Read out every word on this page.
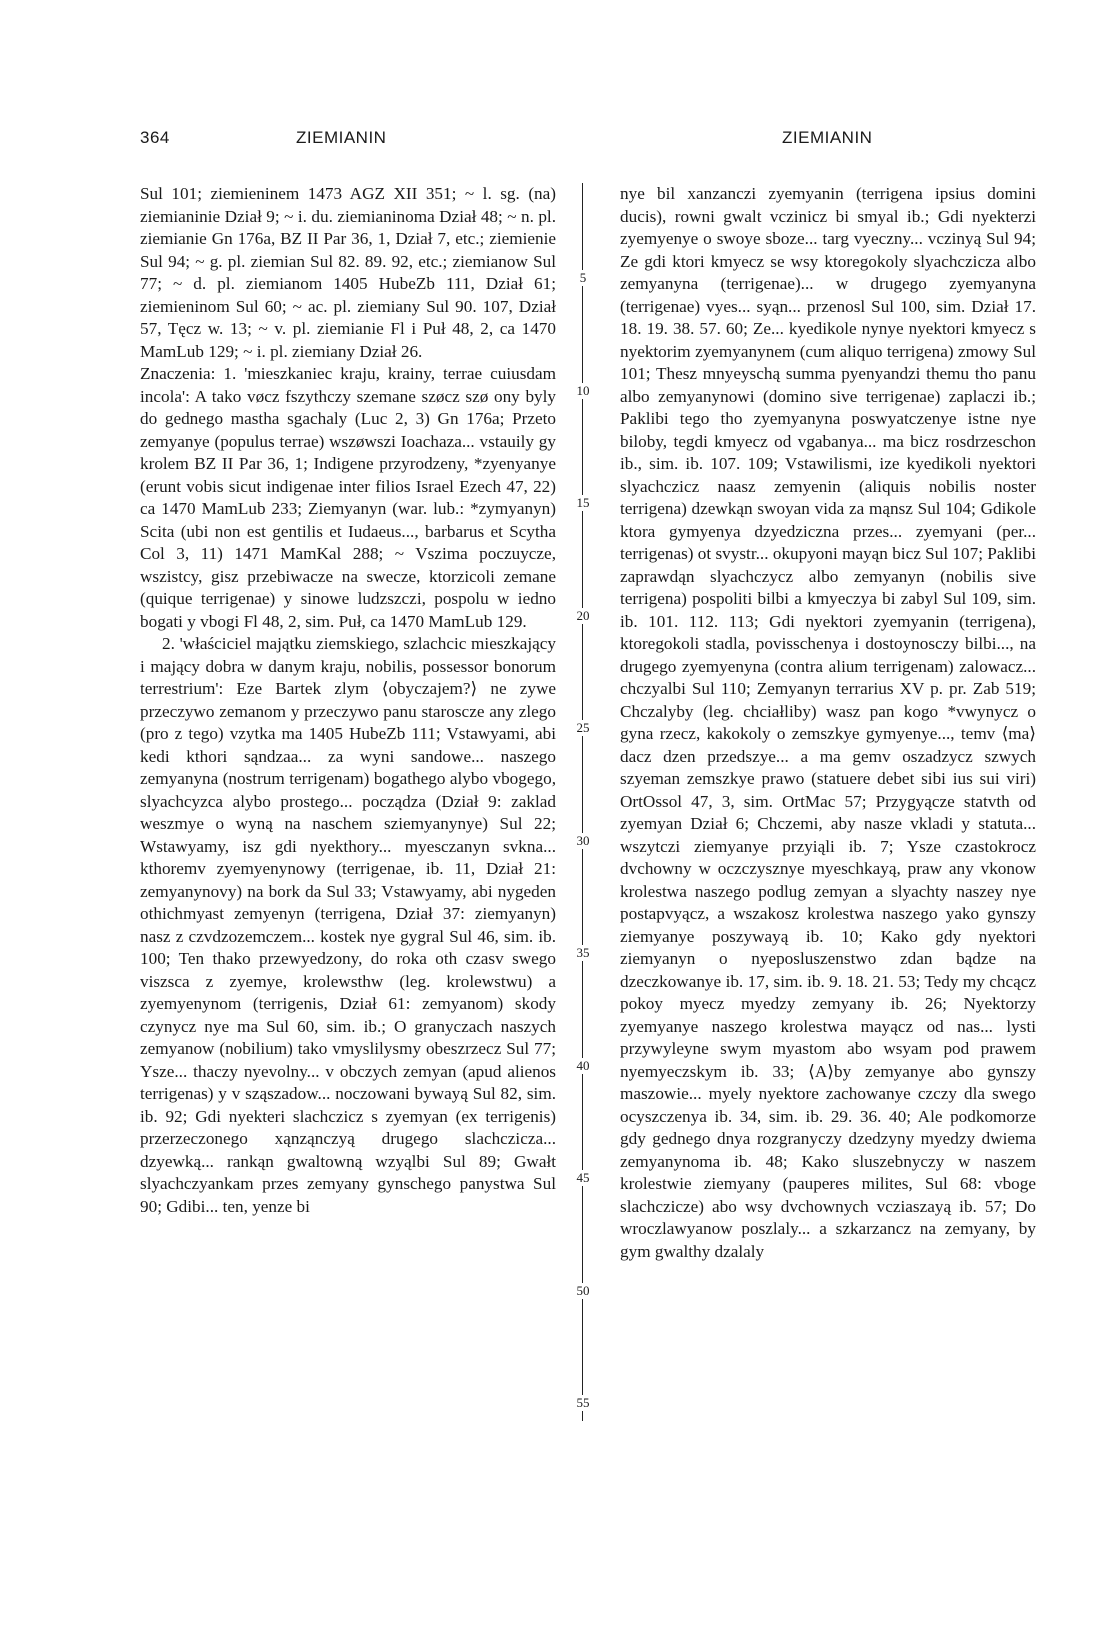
364	ZIEMIANIN	ZIEMIANIN

Sul 101; ziemieninem 1473 AGZ XII 351; ~ l. sg. (na) ziemianinie Dział 9; ~ i. du. ziemianinoma Dział 48; ~ n. pl. ziemianie Gn 176a, BZ II Par 36, 1, Dział 7, etc.; ziemienie Sul 94; ~ g. pl. ziemian Sul 82. 89. 92, etc.; ziemianow Sul 77; ~ d. pl. ziemianom 1405 HubeZb 111, Dział 61; ziemieninom Sul 60; ~ ac. pl. ziemiany Sul 90. 107, Dział 57, Tęcz w. 13; ~ v. pl. ziemianie Fl i Puł 48, 2, ca 1470 MamLub 129; ~ i. pl. ziemiany Dział 26.

Znaczenia: 1. 'mieszkaniec kraju, krainy, terrae cuiusdam incola': A tako vøcz fszythczy szemane szøcz szø ony byly do gednego mastha sgachaly (Luc 2, 3) Gn 176a; Przeto zemyanye (populus terrae) wszøwszi Ioachaza... vstauily gy krolem BZ II Par 36, 1; Indigene przyrodzeny, *zyenyanye (erunt vobis sicut indigenae inter filios Israel Ezech 47, 22) ca 1470 MamLub 233; Ziemyanyn (war. lub.: *zymyanyn) Scita (ubi non est gentilis et Iudaeus..., barbarus et Scytha Col 3, 11) 1471 MamKal 288; ~ Vszima poczuycze, wszistcy, gisz przebiwacze na swecze, ktorzicoli zemane (quique terrigenae) y sinowe ludzszczi, pospolu w iedno bogati y vbogi Fl 48, 2, sim. Puł, ca 1470 MamLub 129.

2. 'właściciel majątku ziemskiego, szlachcic mieszkający i mający dobra w danym kraju, nobilis, possessor bonorum terrestrium': Eze Bartek zlym ⟨obyczajem?⟩ ne zywe przeczywo zemanom y przeczywo panu staroscze any zlego (pro z tego) vzytka ma 1405 HubeZb 111; Vstawyami, abi kedi kthori sąndzaa... za wyni sandowe... naszego zemyanyna (nostrum terrigenam) bogathego alybo vbogego, slyachcyzca alybo prostego... począdza (Dział 9: zaklad weszmye o wyną na naschem sziemyanynye) Sul 22; Wstawyamy, isz gdi nyekthory... myesczanyn svkna... kthoremv zyemyenynowy (terrigenae, ib. 11, Dział 21: zemyanynovy) na bork da Sul 33; Vstawyamy, abi nygeden othichmyast zemyenyn (terrigena, Dział 37: ziemyanyn) nasz z czvdzozemczem... kostek nye gygral Sul 46, sim. ib. 100; Ten thako przewyedzony, do roka oth czasv swego viszsca z zyemye, krolewsthw (leg. krolewstwu) a zyemyenynom (terrigenis, Dział 61: zemyanom) skody czynycz nye ma Sul 60, sim. ib.; O granyczach naszych zemyanow (nobilium) tako vmyslilysmy obeszrzecz Sul 77; Ysze... thaczy nyevolny... v obczych zemyan (apud alienos terrigenas) y v sząszadow... noczowani bywayą Sul 82, sim. ib. 92; Gdi nyekteri slachczicz s zyemyan (ex terrigenis) przerzeczonego xąnząnczyą drugego slachczicza... dzyewką... rankąn gwaltowną wzyąlbi Sul 89; Gwałt slyachczyankam przes zemyany gynschego panystwa Sul 90; Gdibi... ten, yenze bi

5
10
15
20
25
30
35
40
45
50
55

nye bil xanzanczi zyemyanin (terrigena ipsius domini ducis), rowni gwalt vczinicz bi smyal ib.; Gdi nyekterzi zyemyenye o swoye sboze... targ vyeczny... vczinyą Sul 94; Ze gdi ktori kmyecz se wsy ktoregokoly slyachczicza albo zemyanyna (terrigenae)... w drugego zyemyanyna (terrigenae) vyes... syąn... przenosl Sul 100, sim. Dział 17. 18. 19. 38. 57. 60; Ze... kyedikole nynye nyektori kmyecz s nyektorim zyemyanynem (cum aliquo terrigena) zmowy Sul 101; Thesz mnyeyschą summa pyenyandzi themu tho panu albo zemyanynowi (domino sive terrigenae) zaplaczi ib.; Paklibi tego tho zyemyanyna poswyatczenye istne nye biloby, tegdi kmyecz od vgabanya... ma bicz rosdrzeschon ib., sim. ib. 107. 109; Vstawilismi, ize kyedikoli nyektori slyachczicz naasz zemyenin (aliquis nobilis noster terrigena) dzewkąn swoyan vida za mąnsz Sul 104; Gdikole ktora gymyenya dzyedziczna przes... zyemyani (per... terrigenas) ot svystr... okupyoni mayąn bicz Sul 107; Paklibi zaprawdąn slyachczycz albo zemyanyn (nobilis sive terrigena) pospoliti bilbi a kmyeczya bi zabyl Sul 109, sim. ib. 101. 112. 113; Gdi nyektori zyemyanin (terrigena), ktoregokoli stadla, povisschenya i dostoynosczy bilbi..., na drugego zyemyenyna (contra alium terrigenam) zalowacz... chczyalbi Sul 110; Zemyanyn terrarius XV p. pr. Zab 519; Chczalyby (leg. chciałliby) wasz pan kogo *vwynycz o gyna rzecz, kakokoly o zemszkye gymyenye..., temv ⟨ma⟩ dacz dzen przedszye... a ma gemv oszadzycz szwych szyeman zemszkye prawo (statuere debet sibi ius sui viri) OrtOssol 47, 3, sim. OrtMac 57; Przygyącze statvth od zyemyan Dział 6; Chczemi, aby nasze vkladi y statuta... wszytczi ziemyanye przyiąli ib. 7; Ysze czastokrocz dvchowny w oczczysznye myeschkayą, praw any vkonow krolestwa naszego podlug zemyan a slyachty naszey nye postapvyącz, a wszakosz krolestwa naszego yako gynszy ziemyanye poszywayą ib. 10; Kako gdy nyektori ziemyanyn o nyeposluszenstwo zdan bądze na dzeczkowanye ib. 17, sim. ib. 9. 18. 21. 53; Tedy my chcącz pokoy myecz myedzy zemyany ib. 26; Nyektorzy zyemyanye naszego krolestwa mayącz od nas... lysti przywyleyne swym myastom abo wsyam pod prawem nyemyeczskym ib. 33; ⟨A⟩by zemyanye abo gynszy maszowie... myely nyektore zachowanye czczy dla swego ocyszczenya ib. 34, sim. ib. 29. 36. 40; Ale podkomorze gdy gednego dnya rozgranyczy dzedzyny myedzy dwiema zemyanynoma ib. 48; Kako sluszebnyczy w naszem krolestwie ziemyany (pauperes milites, Sul 68: vboge slachczicze) abo wsy dvchownych vcziaszayą ib. 57; Do wroczlawyanow poszlaly... a szkarzancz na zemyany, by gym gwalthy dzalaly
